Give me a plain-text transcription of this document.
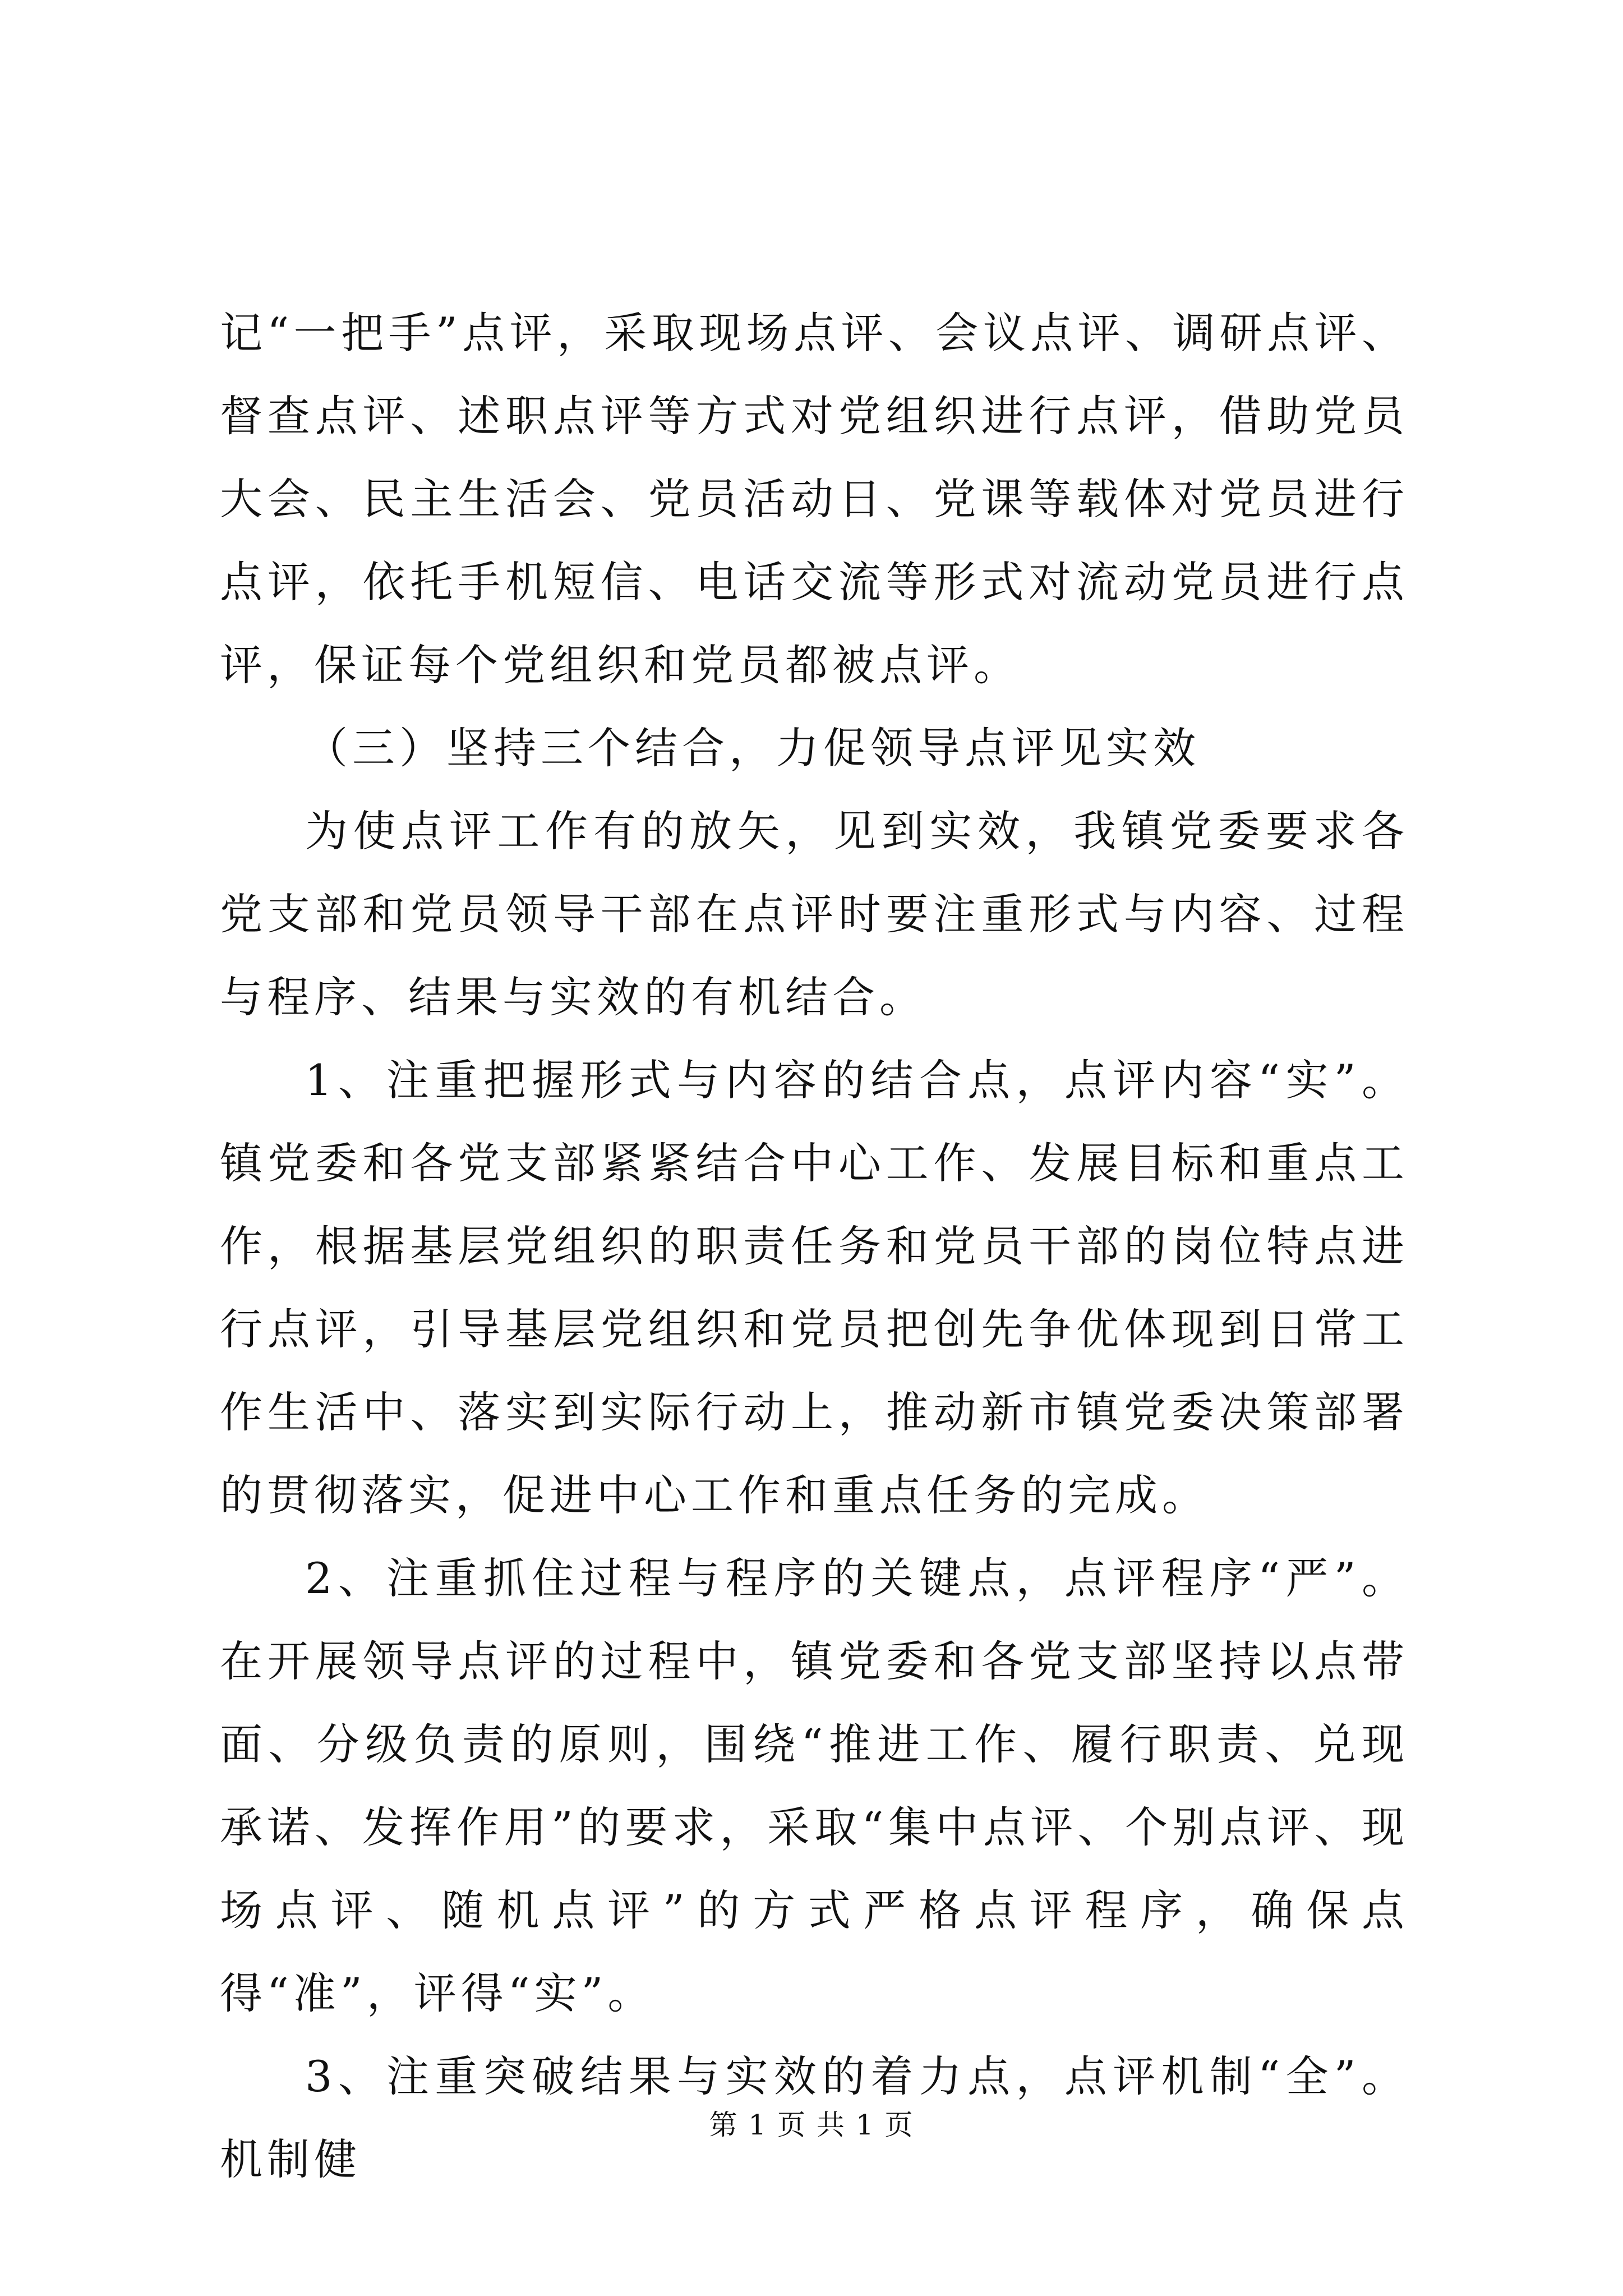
记“一把手”点评，采取现场点评、会议点评、调研点评、督查点评、述职点评等方式对党组织进行点评，借助党员大会、民主生活会、党员活动日、党课等载体对党员进行点评，依托手机短信、电话交流等形式对流动党员进行点评，保证每个党组织和党员都被点评。

（三）坚持三个结合，力促领导点评见实效

为使点评工作有的放矢，见到实效，我镇党委要求各党支部和党员领导干部在点评时要注重形式与内容、过程与程序、结果与实效的有机结合。

1、注重把握形式与内容的结合点，点评内容“实”。镇党委和各党支部紧紧结合中心工作、发展目标和重点工作，根据基层党组织的职责任务和党员干部的岗位特点进行点评，引导基层党组织和党员把创先争优体现到日常工作生活中、落实到实际行动上，推动新市镇党委决策部署的贯彻落实，促进中心工作和重点任务的完成。

2、注重抓住过程与程序的关键点，点评程序“严”。在开展领导点评的过程中，镇党委和各党支部坚持以点带面、分级负责的原则，围绕“推进工作、履行职责、兑现承诺、发挥作用”的要求，采取“集中点评、个别点评、现场点评、随机点评”的方式严格点评程序，确保点得“准”，评得“实”。

3、注重突破结果与实效的着力点，点评机制“全”。机制健

第 1 页 共 1 页
